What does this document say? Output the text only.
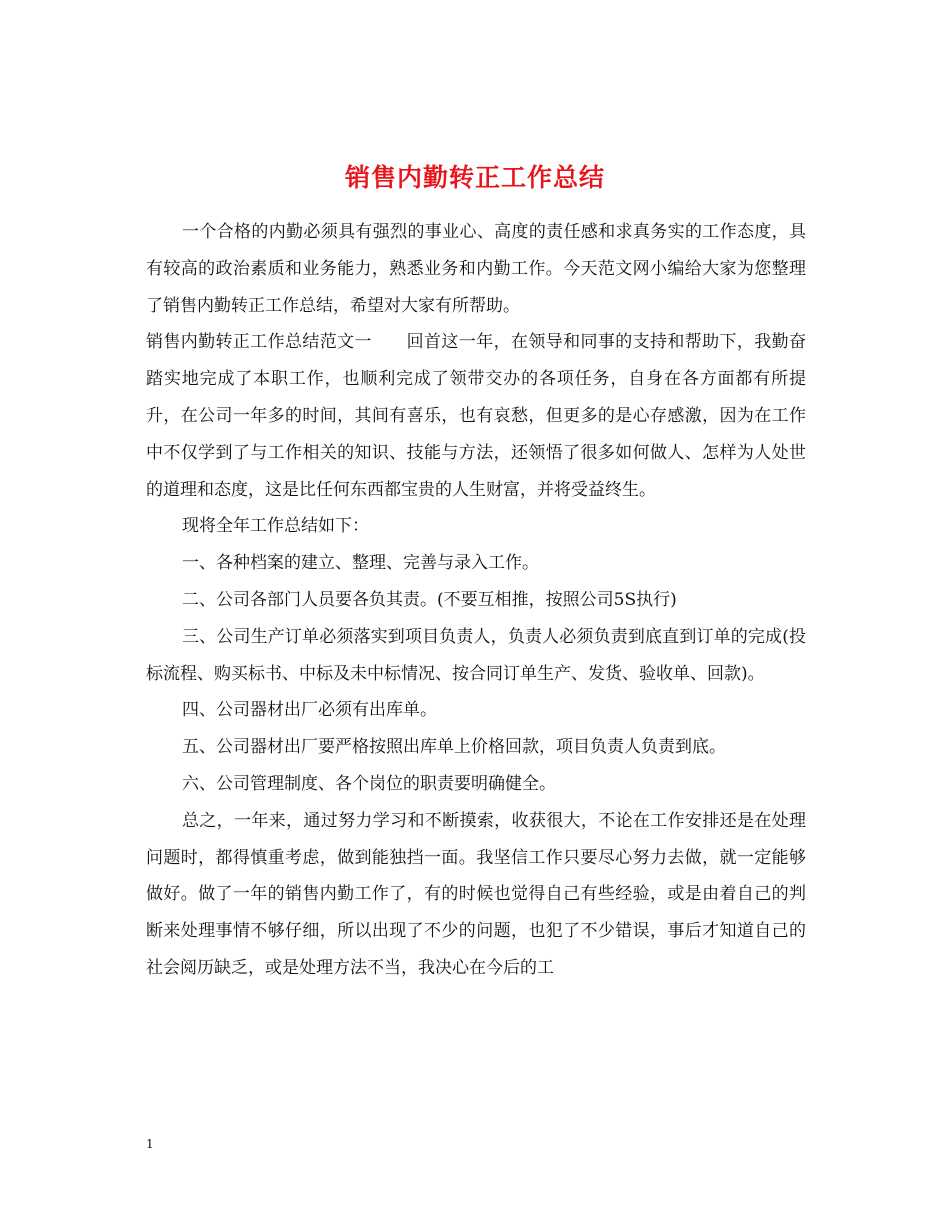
销售内勤转正工作总结

一个合格的内勤必须具有强烈的事业心、高度的责任感和求真务实的工作态度，具有较高的政治素质和业务能力，熟悉业务和内勤工作。今天范文网小编给大家为您整理了销售内勤转正工作总结，希望对大家有所帮助。

销售内勤转正工作总结范文一　　回首这一年，在领导和同事的支持和帮助下，我勤奋踏实地完成了本职工作，也顺利完成了领带交办的各项任务，自身在各方面都有所提升，在公司一年多的时间，其间有喜乐，也有哀愁，但更多的是心存感激，因为在工作中不仅学到了与工作相关的知识、技能与方法，还领悟了很多如何做人、怎样为人处世的道理和态度，这是比任何东西都宝贵的人生财富，并将受益终生。

现将全年工作总结如下：

一、各种档案的建立、整理、完善与录入工作。

二、公司各部门人员要各负其责。(不要互相推，按照公司5S执行)

三、公司生产订单必须落实到项目负责人，负责人必须负责到底直到订单的完成(投标流程、购买标书、中标及未中标情况、按合同订单生产、发货、验收单、回款)。

四、公司器材出厂必须有出库单。

五、公司器材出厂要严格按照出库单上价格回款，项目负责人负责到底。

六、公司管理制度、各个岗位的职责要明确健全。

总之，一年来，通过努力学习和不断摸索，收获很大，不论在工作安排还是在处理问题时，都得慎重考虑，做到能独挡一面。我坚信工作只要尽心努力去做，就一定能够做好。做了一年的销售内勤工作了，有的时候也觉得自己有些经验，或是由着自己的判断来处理事情不够仔细，所以出现了不少的问题，也犯了不少错误，事后才知道自己的社会阅历缺乏，或是处理方法不当，我决心在今后的工

1
